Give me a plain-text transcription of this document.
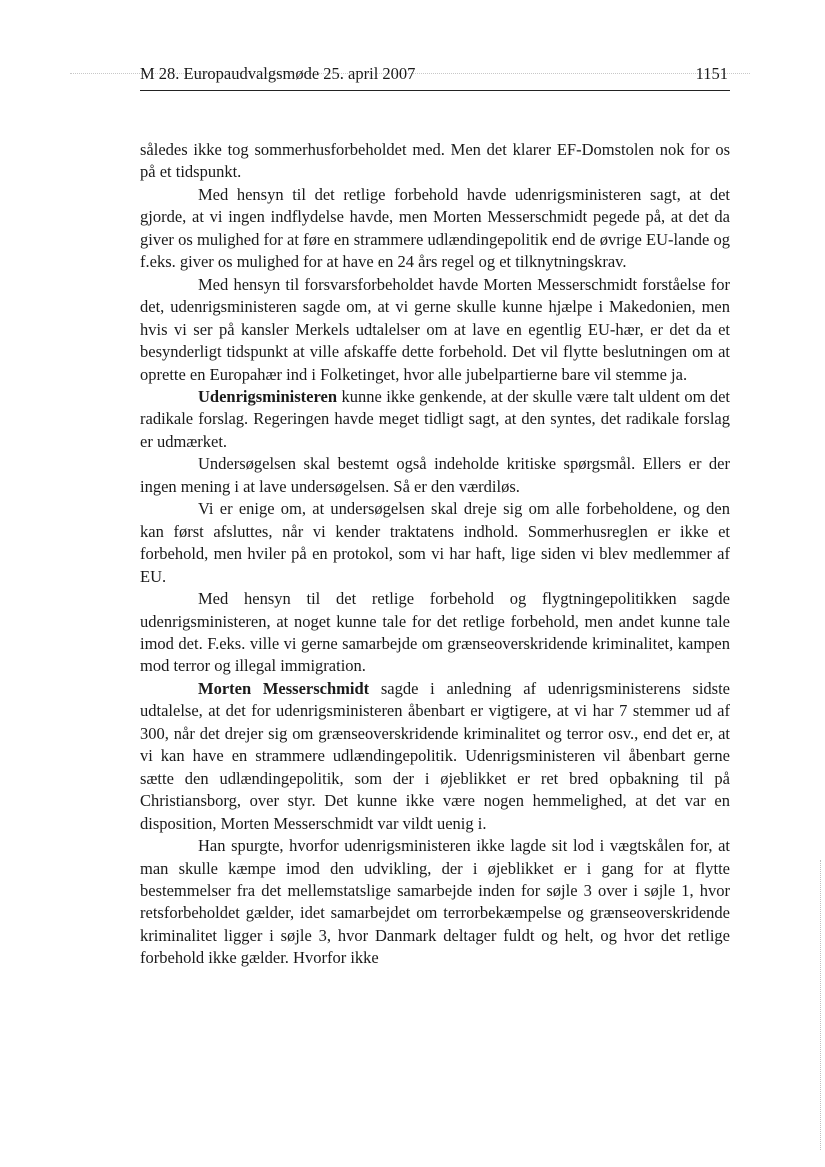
M 28. Europaudvalgsmøde 25. april 2007	1151

således ikke tog sommerhusforbeholdet med. Men det klarer EF-Domstolen nok for os på et tidspunkt.

Med hensyn til det retlige forbehold havde udenrigsministeren sagt, at det gjorde, at vi ingen indflydelse havde, men Morten Messerschmidt pegede på, at det da giver os mulighed for at føre en strammere udlændingepolitik end de øvrige EU-lande og f.eks. giver os mulighed for at have en 24 års regel og et tilknytningskrav.

Med hensyn til forsvarsforbeholdet havde Morten Messerschmidt forståelse for det, udenrigsministeren sagde om, at vi gerne skulle kunne hjælpe i Makedonien, men hvis vi ser på kansler Merkels udtalelser om at lave en egentlig EU-hær, er det da et besynderligt tidspunkt at ville afskaffe dette forbehold. Det vil flytte beslutningen om at oprette en Europahær ind i Folketinget, hvor alle jubelpartierne bare vil stemme ja.

Udenrigsministeren kunne ikke genkende, at der skulle være talt uldent om det radikale forslag. Regeringen havde meget tidligt sagt, at den syntes, det radikale forslag er udmærket.

Undersøgelsen skal bestemt også indeholde kritiske spørgsmål. Ellers er der ingen mening i at lave undersøgelsen. Så er den værdiløs.

Vi er enige om, at undersøgelsen skal dreje sig om alle forbeholdene, og den kan først afsluttes, når vi kender traktatens indhold. Sommerhusreglen er ikke et forbehold, men hviler på en protokol, som vi har haft, lige siden vi blev medlemmer af EU.

Med hensyn til det retlige forbehold og flygtningepolitikken sagde udenrigsministeren, at noget kunne tale for det retlige forbehold, men andet kunne tale imod det. F.eks. ville vi gerne samarbejde om grænseoverskridende kriminalitet, kampen mod terror og illegal immigration.

Morten Messerschmidt sagde i anledning af udenrigsministerens sidste udtalelse, at det for udenrigsministeren åbenbart er vigtigere, at vi har 7 stemmer ud af 300, når det drejer sig om grænseoverskridende kriminalitet og terror osv., end det er, at vi kan have en strammere udlændingepolitik. Udenrigsministeren vil åbenbart gerne sætte den udlændingepolitik, som der i øjeblikket er ret bred opbakning til på Christiansborg, over styr. Det kunne ikke være nogen hemmelighed, at det var en disposition, Morten Messerschmidt var vildt uenig i.

Han spurgte, hvorfor udenrigsministeren ikke lagde sit lod i vægtskålen for, at man skulle kæmpe imod den udvikling, der i øjeblikket er i gang for at flytte bestemmelser fra det mellemstatslige samarbejde inden for søjle 3 over i søjle 1, hvor retsforbeholdet gælder, idet samarbejdet om terrorbekæmpelse og grænseoverskridende kriminalitet ligger i søjle 3, hvor Danmark deltager fuldt og helt, og hvor det retlige forbehold ikke gælder. Hvorfor ikke
